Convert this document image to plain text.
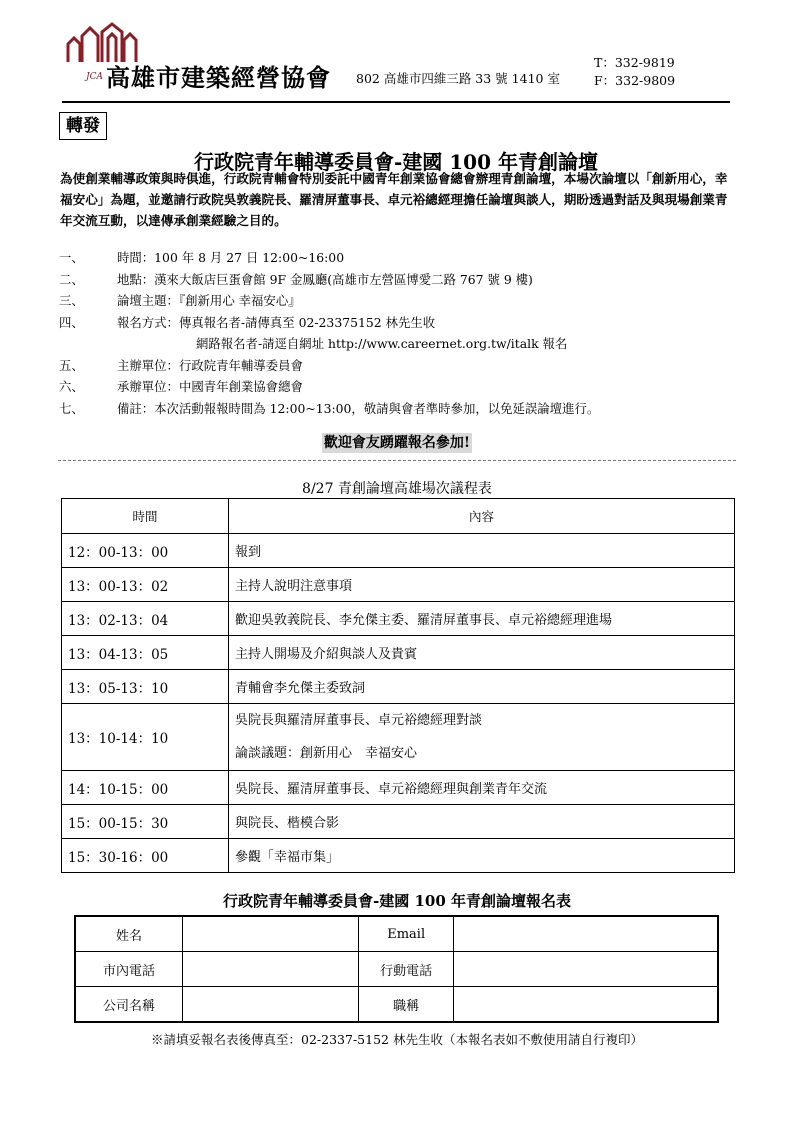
JCA 高雄市建築經營協會 802 高雄市四維三路 33 號 1410 室
T：332-9819
F：332-9809
轉發
行政院青年輔導委員會-建國 100 年青創論壇
為使創業輔導政策與時俱進，行政院青輔會特別委託中國青年創業協會總會辦理青創論壇，本場次論壇以「創新用心，幸福安心」為題，並邀請行政院吳敦義院長、羅清屏董事長、卓元裕總經理擔任論壇與談人，期盼透過對話及與現場創業青年交流互動，以達傳承創業經驗之目的。
一、	時間：100 年 8 月 27 日 12:00~16:00
二、	地點：漢來大飯店巨蛋會館 9F 金鳳廳(高雄市左營區博愛二路 767 號 9 樓)
三、	論壇主題：『創新用心 幸福安心』
四、	報名方式：傳真報名者-請傳真至 02-23375152 林先生收
網路報名者-請逕自網址 http://www.careernet.org.tw/italk 報名
五、	主辦單位：行政院青年輔導委員會
六、	承辦單位：中國青年創業協會總會
七、	備註：本次活動報報時間為 12:00~13:00，敬請與會者準時參加，以免延誤論壇進行。
歡迎會友踴躍報名參加!
8/27 青創論壇高雄場次議程表
時間	內容
12：00-13：00	報到
13：00-13：02	主持人說明注意事項
13：02-13：04	歡迎吳敦義院長、李允傑主委、羅清屏董事長、卓元裕總經理進場
13：04-13：05	主持人開場及介紹與談人及貴賓
13：05-13：10	青輔會李允傑主委致詞
13：10-14：10	吳院長與羅清屏董事長、卓元裕總經理對談
論談議題：創新用心　幸福安心

14：10-15：00	吳院長、羅清屏董事長、卓元裕總經理與創業青年交流
15：00-15：30	與院長、楷模合影
15：30-16：00	參觀「幸福市集」
行政院青年輔導委員會-建國 100 年青創論壇報名表
姓名		Email	
市內電話		行動電話	
公司名稱		職稱	
※請填妥報名表後傳真至：02-2337-5152 林先生收（本報名表如不敷使用請自行複印）
